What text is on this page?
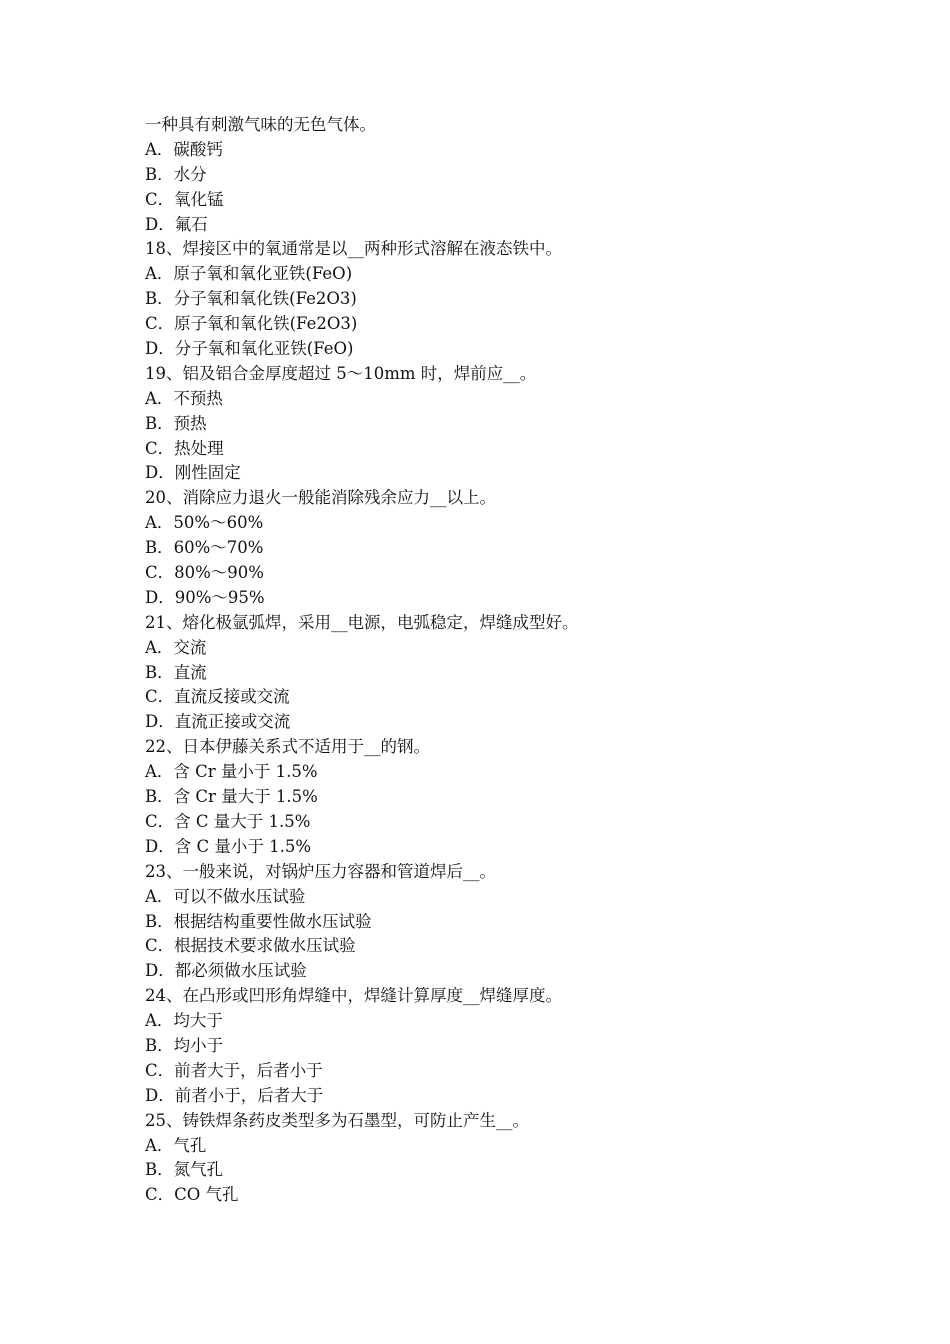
一种具有刺激气味的无色气体。
A．碳酸钙
B．水分
C．氧化锰
D．氟石
18、焊接区中的氧通常是以__两种形式溶解在液态铁中。
A．原子氧和氧化亚铁(FeO)
B．分子氧和氧化铁(Fe2O3)
C．原子氧和氧化铁(Fe2O3)
D．分子氧和氧化亚铁(FeO)
19、铝及铝合金厚度超过 5～10mm 时，焊前应__。
A．不预热
B．预热
C．热处理
D．刚性固定
20、消除应力退火一般能消除残余应力__以上。
A．50%～60%
B．60%～70%
C．80%～90%
D．90%～95%
21、熔化极氩弧焊，采用__电源，电弧稳定，焊缝成型好。
A．交流
B．直流
C．直流反接或交流
D．直流正接或交流
22、日本伊藤关系式不适用于__的钢。
A．含 Cr 量小于 1.5%
B．含 Cr 量大于 1.5%
C．含 C 量大于 1.5%
D．含 C 量小于 1.5%
23、一般来说，对锅炉压力容器和管道焊后__。
A．可以不做水压试验
B．根据结构重要性做水压试验
C．根据技术要求做水压试验
D．都必须做水压试验
24、在凸形或凹形角焊缝中，焊缝计算厚度__焊缝厚度。
A．均大于
B．均小于
C．前者大于，后者小于
D．前者小于，后者大于
25、铸铁焊条药皮类型多为石墨型，可防止产生__。
A．气孔
B．氮气孔
C．CO 气孔
